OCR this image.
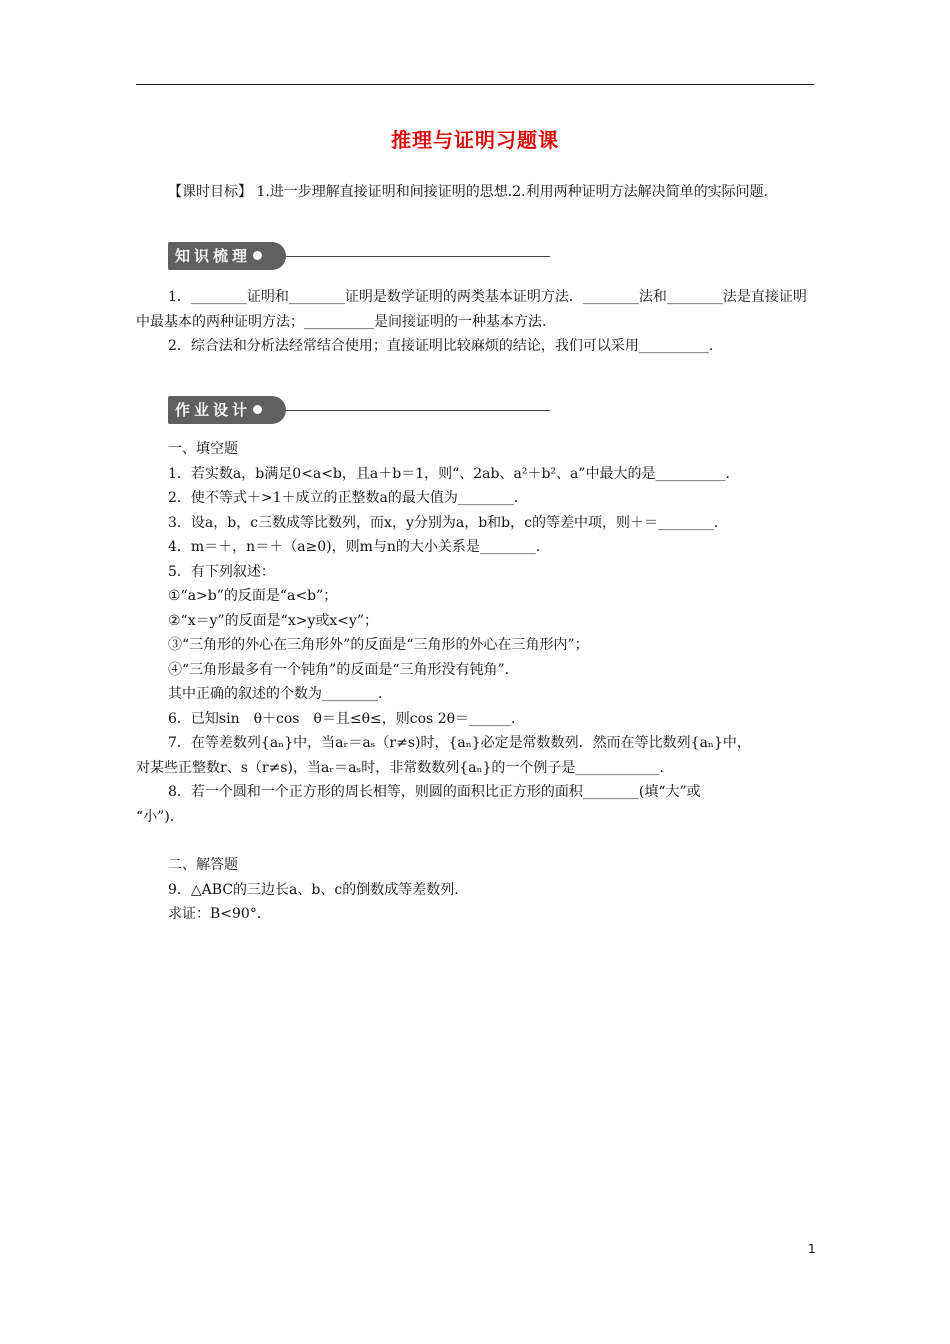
推理与证明习题课

【课时目标】 1.进一步理解直接证明和间接证明的思想.2.利用两种证明方法解决简单的实际问题.

知识梳理

1．________证明和________证明是数学证明的两类基本证明方法．________法和________法是直接证明中最基本的两种证明方法；__________是间接证明的一种基本方法．

2．综合法和分析法经常结合使用；直接证明比较麻烦的结论，我们可以采用__________．

作业设计

一、填空题

1．若实数a，b满足0<a<b，且a＋b＝1，则“、2ab、a²＋b²、a”中最大的是__________．

2．使不等式＋>1＋成立的正整数a的最大值为________．

3．设a，b，c三数成等比数列，而x，y分别为a，b和b，c的等差中项，则＋＝________．

4．m＝＋，n＝＋（a≥0)，则m与n的大小关系是________．

5．有下列叙述：

①“a>b”的反面是“a<b”；

②“x＝y”的反面是“x>y或x<y”；

③“三角形的外心在三角形外”的反面是“三角形的外心在三角形内”；

④“三角形最多有一个钝角”的反面是“三角形没有钝角”．

其中正确的叙述的个数为________．

6．已知sin　θ＋cos　θ＝且≤θ≤，则cos 2θ＝______．

7．在等差数列{aₙ}中，当aᵣ＝aₛ（r≠s)时，{aₙ}必定是常数数列．然而在等比数列{aₙ}中，

对某些正整数r、s（r≠s)，当aᵣ＝aₛ时，非常数数列{aₙ}的一个例子是____________．

8．若一个圆和一个正方形的周长相等，则圆的面积比正方形的面积________(填“大”或

“小”)．

二、解答题

9．△ABC的三边长a、b、c的倒数成等差数列．

求证：B<90°．

1
